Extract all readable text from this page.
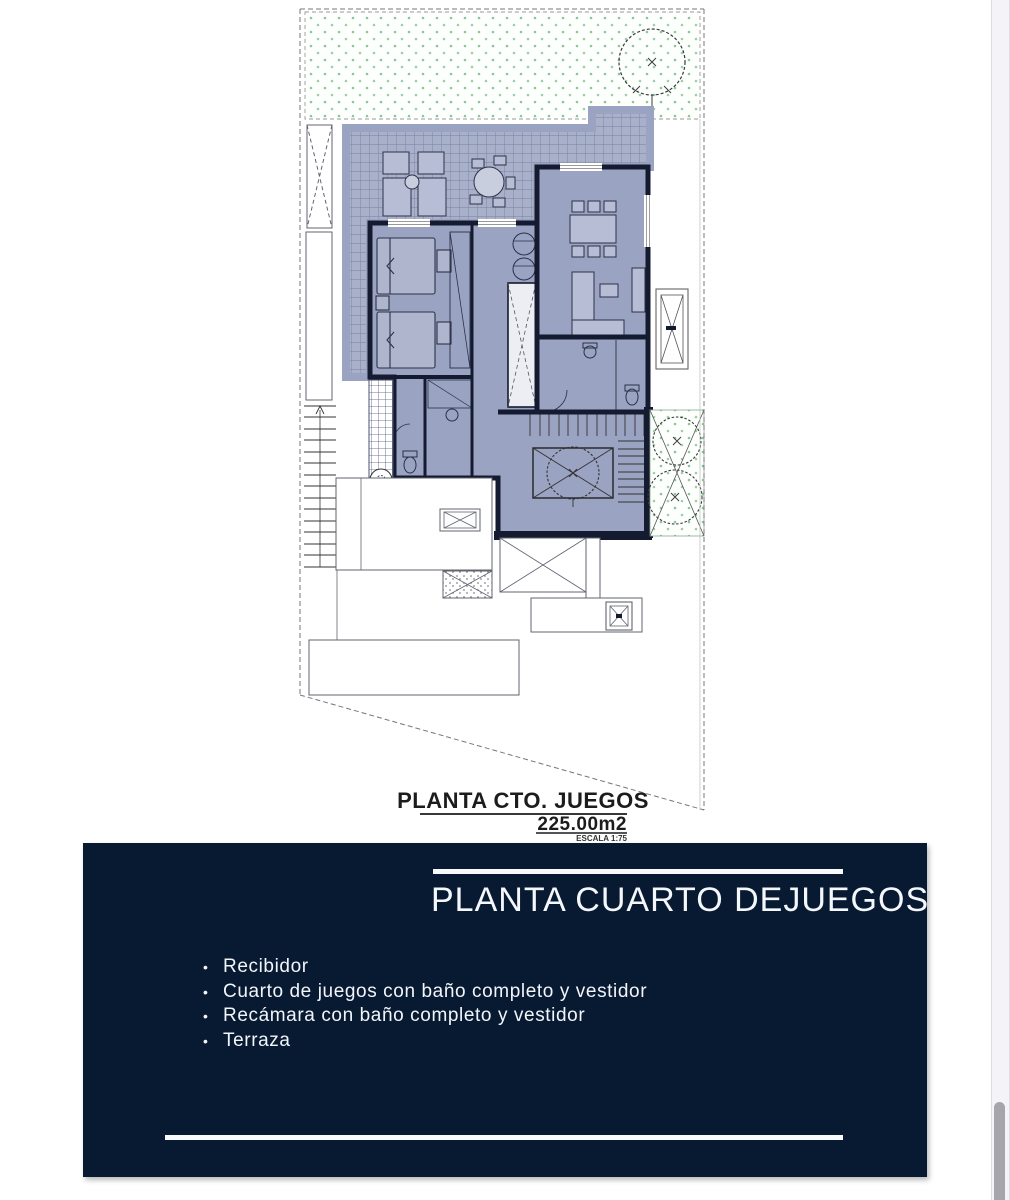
PLANTA CTO. JUEGOS
225.00m2
ESCALA 1:75
PLANTA CUARTO DEJUEGOS
•
Recibidor
•
Cuarto de juegos con baño completo y vestidor
•
Recámara con baño completo y vestidor
•
Terraza
